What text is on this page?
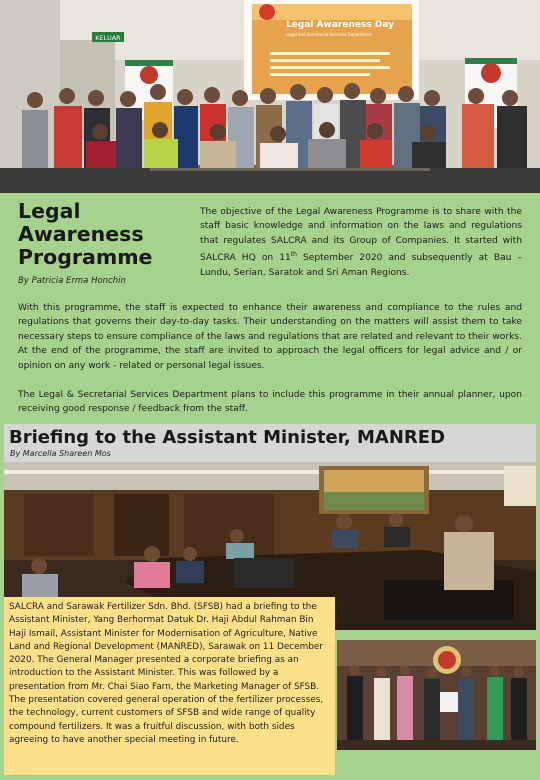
KELUAR
Legal Awareness Day
Legal and Secretarial Services Department
Legal Awareness Programme
By Patricia Erma Honchin
The objective of the Legal Awareness Programme is to share with the staff basic knowledge and information on the laws and regulations that regulates SALCRA and its Group of Companies. It started with SALCRA HQ on 11th September 2020 and subsequently at Bau – Lundu, Serian, Saratok and Sri Aman Regions.
With this programme, the staff is expected to enhance their awareness and compliance to the rules and regulations that governs their day-to-day tasks. Their understanding on the matters will assist them to take necessary steps to ensure compliance of the laws and regulations that are related and relevant to their works. At the end of the programme, the staff are invited to approach the legal officers for legal advice and / or opinion on any work - related or personal legal issues.
The Legal & Secretarial Services Department plans to include this programme in their annual planner, upon receiving good response / feedback from the staff.
Briefing to the Assistant Minister, MANRED
By Marcella Shareen Mos
SALCRA and Sarawak Fertilizer Sdn. Bhd. (SFSB) had a briefing to the Assistant Minister, Yang Berhormat Datuk Dr. Haji Abdul Rahman Bin Haji Ismail, Assistant Minister for Modernisation of Agriculture, Native Land and Regional Development (MANRED), Sarawak on 11 December 2020. The General Manager presented a corporate briefing as an introduction to the Assistant Minister. This was followed by a presentation from Mr. Chai Siao Farn, the Marketing Manager of SFSB. The presentation covered general operation of the fertilizer processes, the technology, current customers of SFSB and wide range of quality compound fertilizers. It was a fruitful discussion, with both sides agreeing to have another special meeting in future.
